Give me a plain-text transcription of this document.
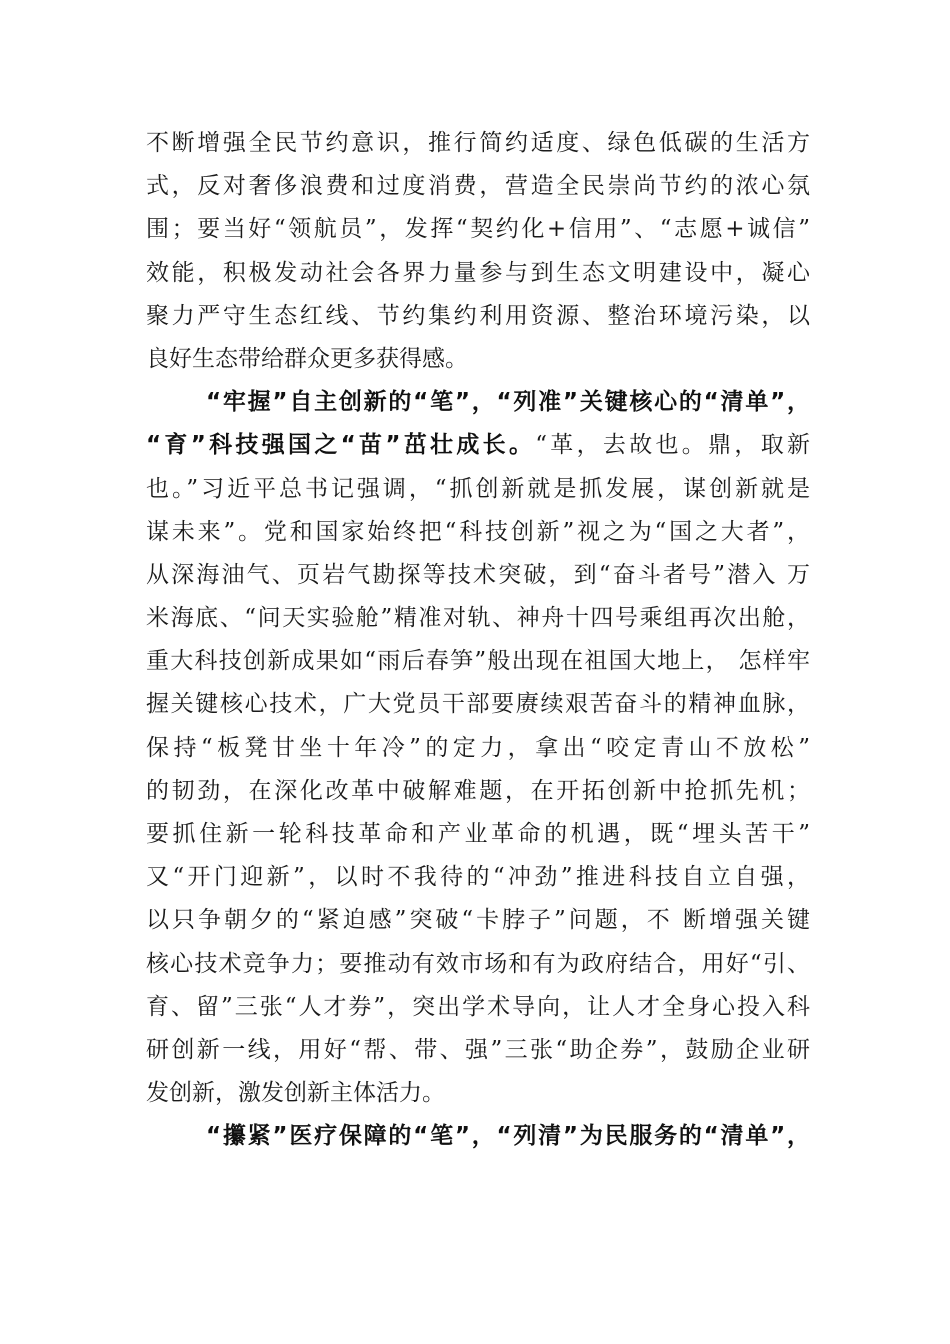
不断增强全民节约意识，推行简约适度、绿色低碳的生活方
式，反对奢侈浪费和过度消费，营造全民崇尚节约的浓心氛
围；要当好“领航员”，发挥“契约化+信用”、“志愿+诚信”
效能，积极发动社会各界力量参与到生态文明建设中，凝心
聚力严守生态红线、节约集约利用资源、整治环境污染，以
良好生态带给群众更多获得感。
“牢握”自主创新的“笔”，“列准”关键核心的“清单”，
“育”科技强国之“苗”茁壮成长。“革，去故也。鼎，取新
也。”习近平总书记强调，“抓创新就是抓发展，谋创新就是
谋未来”。党和国家始终把“科技创新”视之为“国之大者”，
从深海油气、页岩气勘探等技术突破，到“奋斗者号”潜入 万
米海底、“问天实验舱”精准对轨、神舟十四号乘组再次出舱，
重大科技创新成果如“雨后春笋”般出现在祖国大地上， 怎样牢
握关键核心技术，广大党员干部要赓续艰苦奋斗的精神血脉，
保持“板凳甘坐十年冷”的定力，拿出“咬定青山不放松”
的韧劲，在深化改革中破解难题，在开拓创新中抢抓先机；
要抓住新一轮科技革命和产业革命的机遇，既“埋头苦干”
又“开门迎新”，以时不我待的“冲劲”推进科技自立自强，
以只争朝夕的“紧迫感”突破“卡脖子”问题，不 断增强关键
核心技术竞争力；要推动有效市场和有为政府结合，用好“引、
育、留”三张“人才券”，突出学术导向，让人才全身心投入科
研创新一线，用好“帮、带、强”三张“助企券”，鼓励企业研
发创新，激发创新主体活力。
“攥紧”医疗保障的“笔”，“列清”为民服务的“清单”，
